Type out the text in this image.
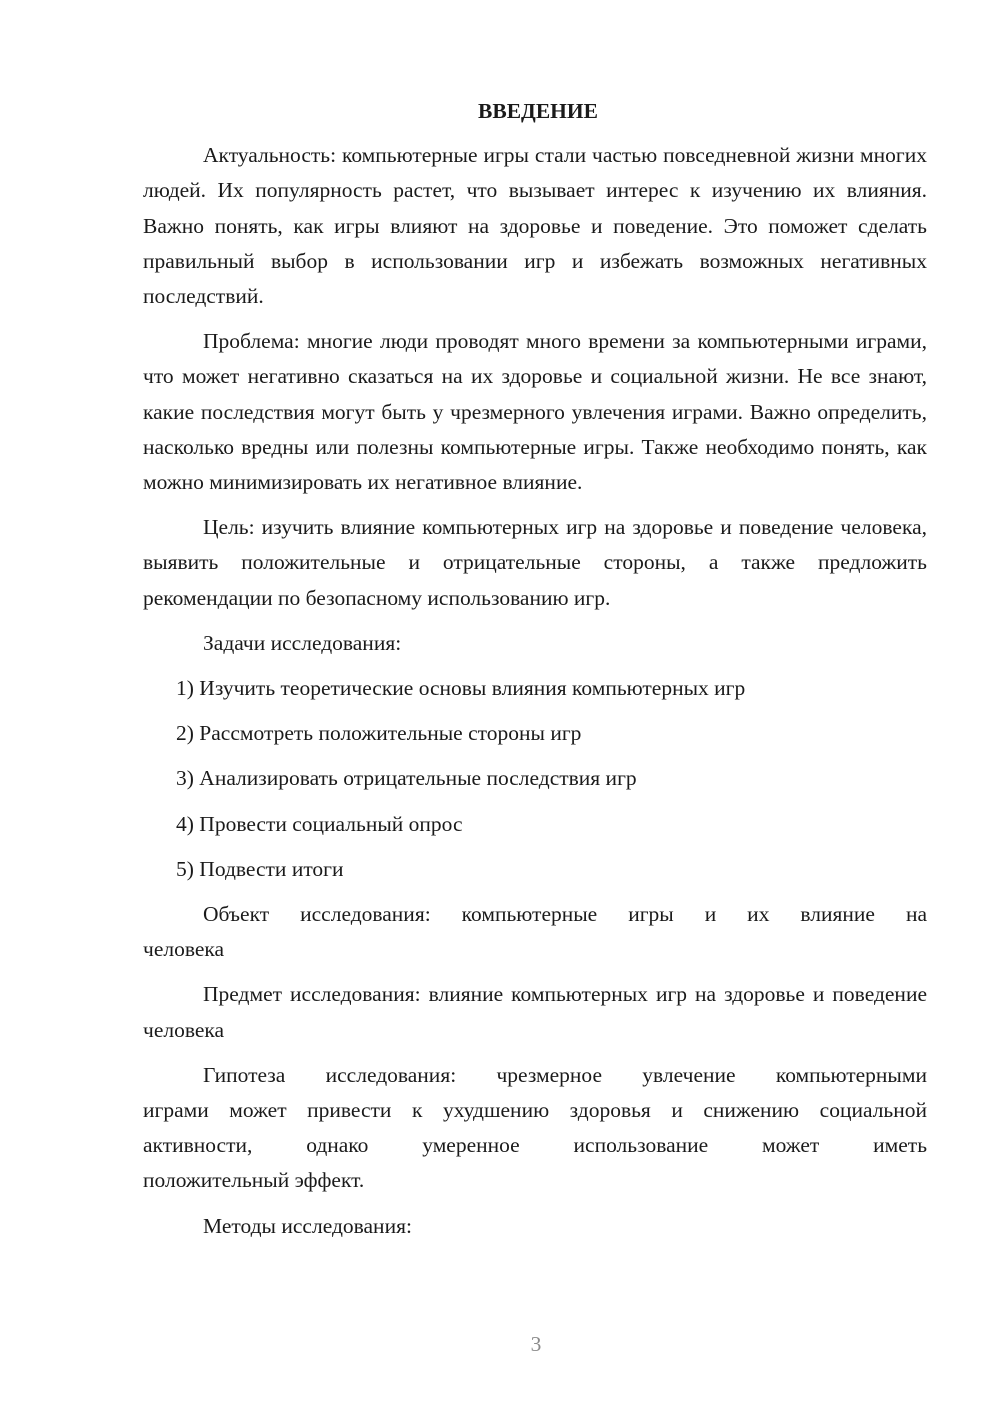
ВВЕДЕНИЕ

Актуальность: компьютерные игры стали частью повседневной жизни многих людей. Их популярность растет, что вызывает интерес к изучению их влияния. Важно понять, как игры влияют на здоровье и поведение. Это поможет сделать правильный выбор в использовании игр и избежать возможных негативных последствий.

Проблема: многие люди проводят много времени за компьютерными играми, что может негативно сказаться на их здоровье и социальной жизни. Не все знают, какие последствия могут быть у чрезмерного увлечения играми. Важно определить, насколько вредны или полезны компьютерные игры. Также необходимо понять, как можно минимизировать их негативное влияние.

Цель: изучить влияние компьютерных игр на здоровье и поведение человека, выявить положительные и отрицательные стороны, а также предложить рекомендации по безопасному использованию игр.

Задачи исследования:

1) Изучить теоретические основы влияния компьютерных игр
2) Рассмотреть положительные стороны игр
3) Анализировать отрицательные последствия игр
4) Провести социальный опрос
5) Подвести итоги

Объект исследования: компьютерные игры и их влияние на
человека

Предмет исследования: влияние компьютерных игр на здоровье и поведение человека

Гипотеза исследования: чрезмерное увлечение компьютерными
играми может привести к ухудшению здоровья и снижению социальной
активности, однако умеренное использование может иметь
положительный эффект.

Методы исследования:

3
